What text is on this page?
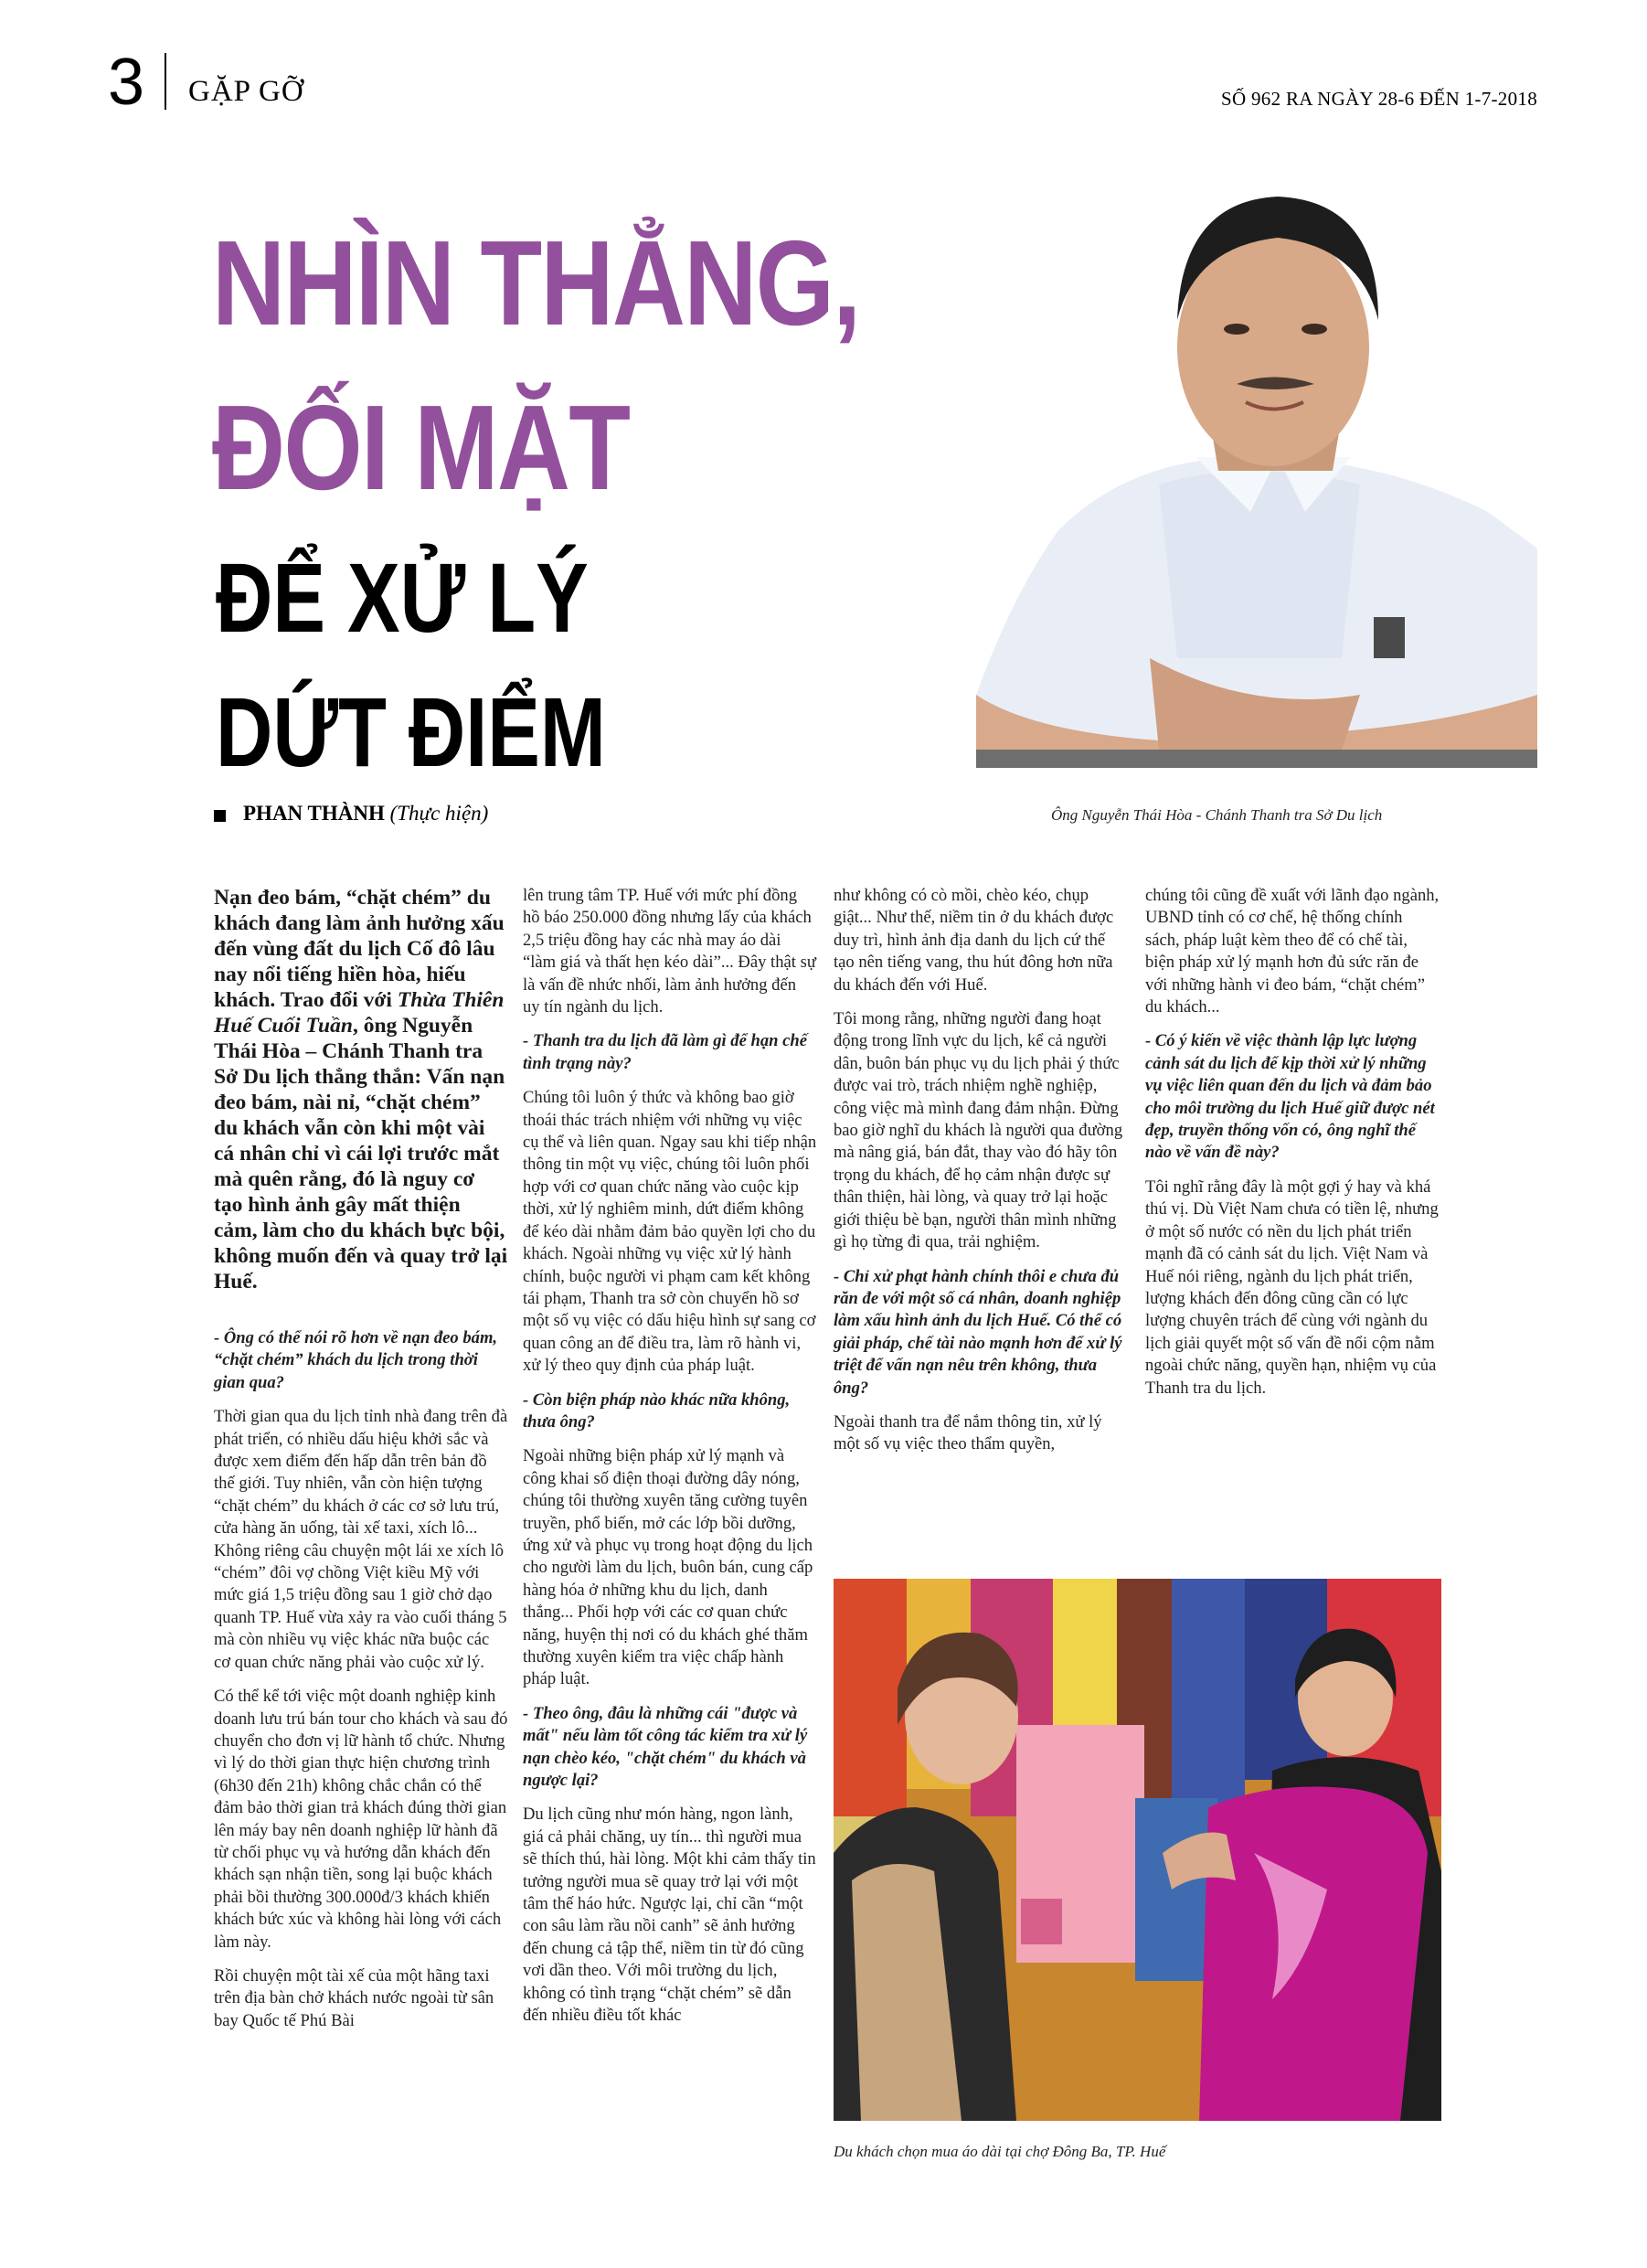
3 GẶP GỠ	SỐ 962 RA NGÀY 28-6 ĐẾN 1-7-2018
NHÌN THẲNG,
ĐỐI MẶT
ĐỂ XỬ LÝ
DỨT ĐIỂM
PHAN THÀNH (Thực hiện)	Ông Nguyễn Thái Hòa - Chánh Thanh tra Sở Du lịch

Nạn đeo bám, “chặt chém” du khách đang làm ảnh hưởng xấu đến vùng đất du lịch Cố đô lâu nay nổi tiếng hiền hòa, hiếu khách. Trao đổi với Thừa Thiên Huế Cuối Tuần, ông Nguyễn Thái Hòa – Chánh Thanh tra Sở Du lịch thẳng thắn: Vấn nạn đeo bám, nài nỉ, “chặt chém” du khách vẫn còn khi một vài cá nhân chỉ vì cái lợi trước mắt mà quên rằng, đó là nguy cơ tạo hình ảnh gây mất thiện cảm, làm cho du khách bực bội, không muốn đến và quay trở lại Huế.

- Ông có thể nói rõ hơn về nạn đeo bám, “chặt chém” khách du lịch trong thời gian qua?

Thời gian qua du lịch tỉnh nhà đang trên đà phát triển, có nhiều dấu hiệu khởi sắc và được xem điểm đến hấp dẫn trên bản đồ thế giới. Tuy nhiên, vẫn còn hiện tượng “chặt chém” du khách ở các cơ sở lưu trú, cửa hàng ăn uống, tài xế taxi, xích lô... Không riêng câu chuyện một lái xe xích lô “chém” đôi vợ chồng Việt kiều Mỹ với mức giá 1,5 triệu đồng sau 1 giờ chở dạo quanh TP. Huế vừa xảy ra vào cuối tháng 5 mà còn nhiều vụ việc khác nữa buộc các cơ quan chức năng phải vào cuộc xử lý.

Có thể kể tới việc một doanh nghiệp kinh doanh lưu trú bán tour cho khách và sau đó chuyển cho đơn vị lữ hành tổ chức. Nhưng vì lý do thời gian thực hiện chương trình (6h30 đến 21h) không chắc chắn có thể đảm bảo thời gian trả khách đúng thời gian lên máy bay nên doanh nghiệp lữ hành đã từ chối phục vụ và hướng dẫn khách đến khách sạn nhận tiền, song lại buộc khách phải bồi thường 300.000đ/3 khách khiến khách bức xúc và không hài lòng với cách làm này.

Rồi chuyện một tài xế của một hãng taxi trên địa bàn chở khách nước ngoài từ sân bay Quốc tế Phú Bài

lên trung tâm TP. Huế với mức phí đồng hồ báo 250.000 đồng nhưng lấy của khách 2,5 triệu đồng hay các nhà may áo dài “làm giá và thất hẹn kéo dài”... Đây thật sự là vấn đề nhức nhối, làm ảnh hưởng đến uy tín ngành du lịch.

- Thanh tra du lịch đã làm gì để hạn chế tình trạng này?

Chúng tôi luôn ý thức và không bao giờ thoái thác trách nhiệm với những vụ việc cụ thể và liên quan. Ngay sau khi tiếp nhận thông tin một vụ việc, chúng tôi luôn phối hợp với cơ quan chức năng vào cuộc kịp thời, xử lý nghiêm minh, dứt điểm không để kéo dài nhằm đảm bảo quyền lợi cho du khách. Ngoài những vụ việc xử lý hành chính, buộc người vi phạm cam kết không tái phạm, Thanh tra sở còn chuyển hồ sơ một số vụ việc có dấu hiệu hình sự sang cơ quan công an để điều tra, làm rõ hành vi, xử lý theo quy định của pháp luật.

- Còn biện pháp nào khác nữa không, thưa ông?

Ngoài những biện pháp xử lý mạnh và công khai số điện thoại đường dây nóng, chúng tôi thường xuyên tăng cường tuyên truyền, phổ biến, mở các lớp bồi dưỡng, ứng xử và phục vụ trong hoạt động du lịch cho người làm du lịch, buôn bán, cung cấp hàng hóa ở những khu du lịch, danh thắng... Phối hợp với các cơ quan chức năng, huyện thị nơi có du khách ghé thăm thường xuyên kiểm tra việc chấp hành pháp luật.

- Theo ông, đâu là những cái "được và mất" nếu làm tốt công tác kiểm tra xử lý nạn chèo kéo, "chặt chém" du khách và ngược lại?

Du lịch cũng như món hàng, ngon lành, giá cả phải chăng, uy tín... thì người mua sẽ thích thú, hài lòng. Một khi cảm thấy tin tưởng người mua sẽ quay trở lại với một tâm thế háo hức. Ngược lại, chỉ cần “một con sâu làm rầu nồi canh” sẽ ảnh hưởng đến chung cả tập thể, niềm tin từ đó cũng vơi dần theo. Với môi trường du lịch, không có tình trạng “chặt chém” sẽ dẫn đến nhiều điều tốt khác

như không có cò mồi, chèo kéo, chụp giật... Như thế, niềm tin ở du khách được duy trì, hình ảnh địa danh du lịch cứ thế tạo nên tiếng vang, thu hút đông hơn nữa du khách đến với Huế.

Tôi mong rằng, những người đang hoạt động trong lĩnh vực du lịch, kể cả người dân, buôn bán phục vụ du lịch phải ý thức được vai trò, trách nhiệm nghề nghiệp, công việc mà mình đang đảm nhận. Đừng bao giờ nghĩ du khách là người qua đường mà nâng giá, bán đắt, thay vào đó hãy tôn trọng du khách, để họ cảm nhận được sự thân thiện, hài lòng, và quay trở lại hoặc giới thiệu bè bạn, người thân mình những gì họ từng đi qua, trải nghiệm.

- Chỉ xử phạt hành chính thôi e chưa đủ răn đe với một số cá nhân, doanh nghiệp làm xấu hình ảnh du lịch Huế. Có thể có giải pháp, chế tài nào mạnh hơn để xử lý triệt để vấn nạn nêu trên không, thưa ông?

Ngoài thanh tra để nắm thông tin, xử lý một số vụ việc theo thẩm quyền,

chúng tôi cũng đề xuất với lãnh đạo ngành, UBND tỉnh có cơ chế, hệ thống chính sách, pháp luật kèm theo để có chế tài, biện pháp xử lý mạnh hơn đủ sức răn đe với những hành vi đeo bám, “chặt chém” du khách...

- Có ý kiến về việc thành lập lực lượng cảnh sát du lịch để kịp thời xử lý những vụ việc liên quan đến du lịch và đảm bảo cho môi trường du lịch Huế giữ được nét đẹp, truyền thống vốn có, ông nghĩ thế nào về vấn đề này?

Tôi nghĩ rằng đây là một gợi ý hay và khá thú vị. Dù Việt Nam chưa có tiền lệ, nhưng ở một số nước có nền du lịch phát triển mạnh đã có cảnh sát du lịch. Việt Nam và Huế nói riêng, ngành du lịch phát triển, lượng khách đến đông cũng cần có lực lượng chuyên trách để cùng với ngành du lịch giải quyết một số vấn đề nổi cộm nằm ngoài chức năng, quyền hạn, nhiệm vụ của Thanh tra du lịch.

Du khách chọn mua áo dài tại chợ Đông Ba, TP. Huế
